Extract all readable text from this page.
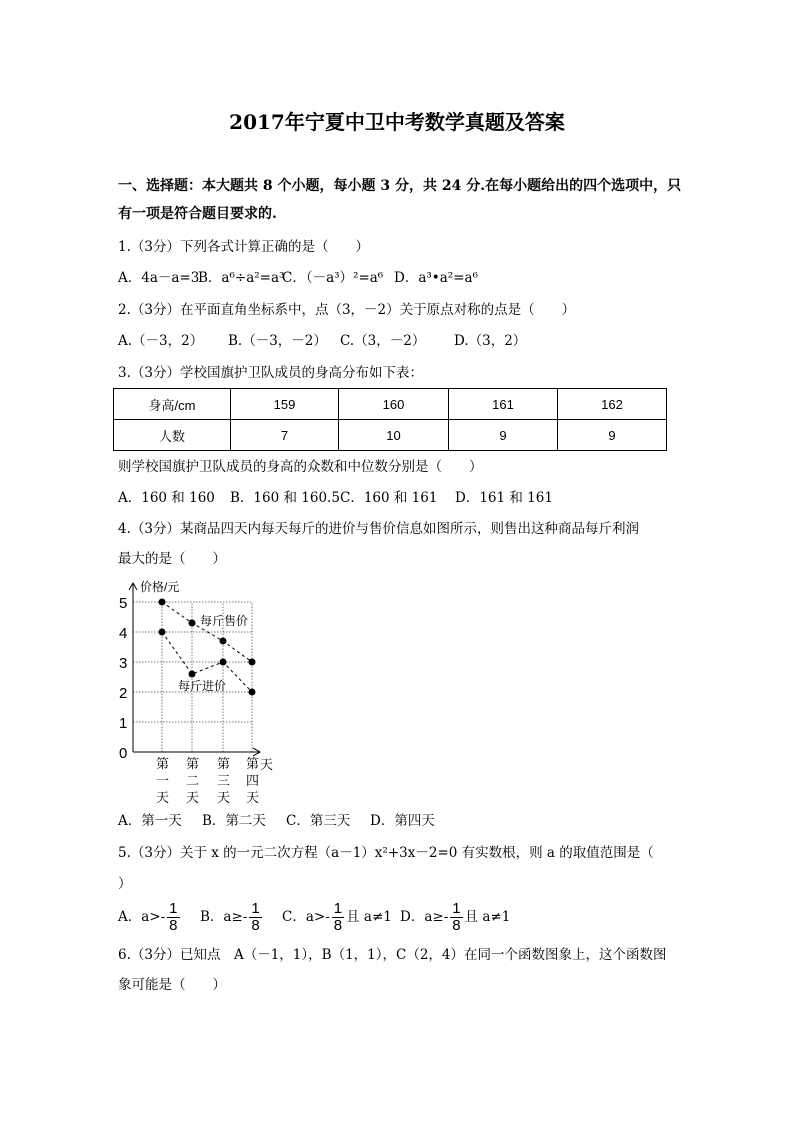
2017年宁夏中卫中考数学真题及答案
一、选择题：本大题共 8 个小题，每小题 3 分，共 24 分.在每小题给出的四个选项中，只
有一项是符合题目要求的.
1.（3分）下列各式计算正确的是（　　）
A．4a－a=3B．a⁶÷a²=a³C．（－a³）²=a⁶ D．a³•a²=a⁶
2.（3分）在平面直角坐标系中，点（3，－2）关于原点对称的点是（　　）
A.（－3，2） B.（－3，－2） C.（3，－2） D.（3，2）
3.（3分）学校国旗护卫队成员的身高分布如下表：
身高/cm	159	160	161	162
人数	7	10	9	9
则学校国旗护卫队成员的身高的众数和中位数分别是（　　）
A．160 和 160 B．160 和 160.5C．160 和 161 D．161 和 161
4.（3分）某商品四天内每天每斤的进价与售价信息如图所示，则售出这种商品每斤利润
最大的是（　　）
0
1
2
3
4
5
第
一
天
第
二
天
第
三
天
第
四
天
价格/元
天
每斤售价
每斤进价
A．第一天 B．第二天 C．第三天 D．第四天
5.（3分）关于 x 的一元二次方程（a－1）x²+3x－2=0 有实数根，则 a 的取值范围是（
）
A．$a>- \frac{1}{8}$ B．$a\ge- \frac{1}{8}$ C．$a>- \frac{1}{8}$ 且 a≠1 D．$a\ge- \frac{1}{8}$ 且 a≠1
6.（3分）已知点　A（－1，1），B（1，1），C（2，4）在同一个函数图象上，这个函数图
象可能是（　　）
